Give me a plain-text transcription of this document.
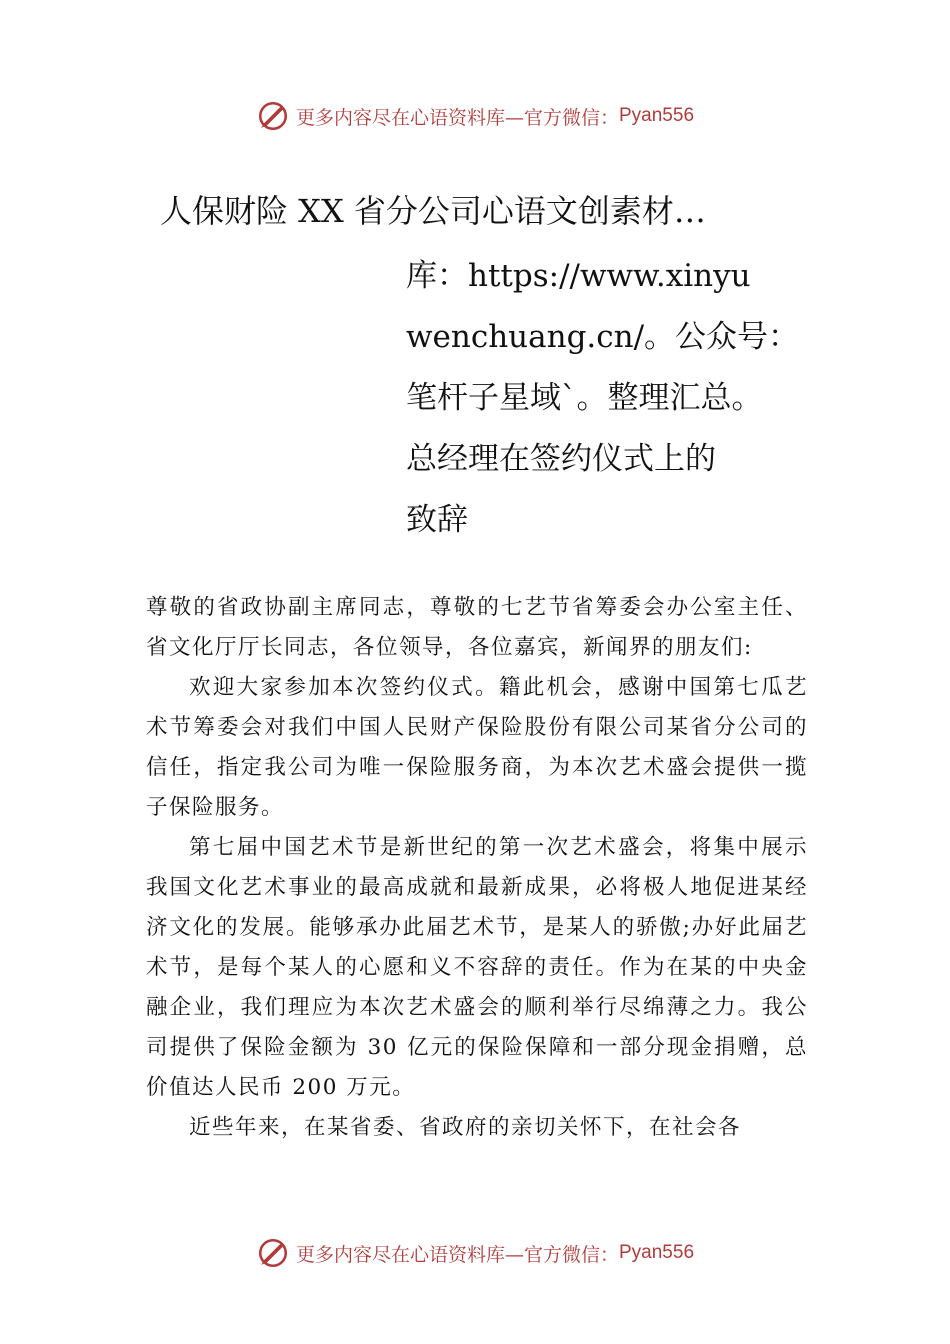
更多内容尽在心语资料库—官方微信： Pyan556
人保财险 XX 省分公司心语文创素材…
库：https://www.xinyu
wenchuang.cn/。公众号：
笔杆子星域`。整理汇总。
总经理在签约仪式上的
致辞

尊敬的省政协副主席同志，尊敬的七艺节省筹委会办公室主任、省文化厅厅长同志，各位领导，各位嘉宾，新闻界的朋友们:

欢迎大家参加本次签约仪式。籍此机会，感谢中国第七瓜艺术节筹委会对我们中国人民财产保险股份有限公司某省分公司的信任，指定我公司为唯一保险服务商，为本次艺术盛会提供一揽子保险服务。

第七届中国艺术节是新世纪的第一次艺术盛会，将集中展示我国文化艺术事业的最高成就和最新成果，必将极人地促进某经济文化的发展。能够承办此届艺术节，是某人的骄傲;办好此届艺术节，是每个某人的心愿和义不容辞的责任。作为在某的中央金融企业，我们理应为本次艺术盛会的顺利举行尽绵薄之力。我公司提供了保险金额为 30 亿元的保险保障和一部分现金捐赠，总价值达人民币 200 万元。

近些年来，在某省委、省政府的亲切关怀下，在社会各

更多内容尽在心语资料库—官方微信： Pyan556
